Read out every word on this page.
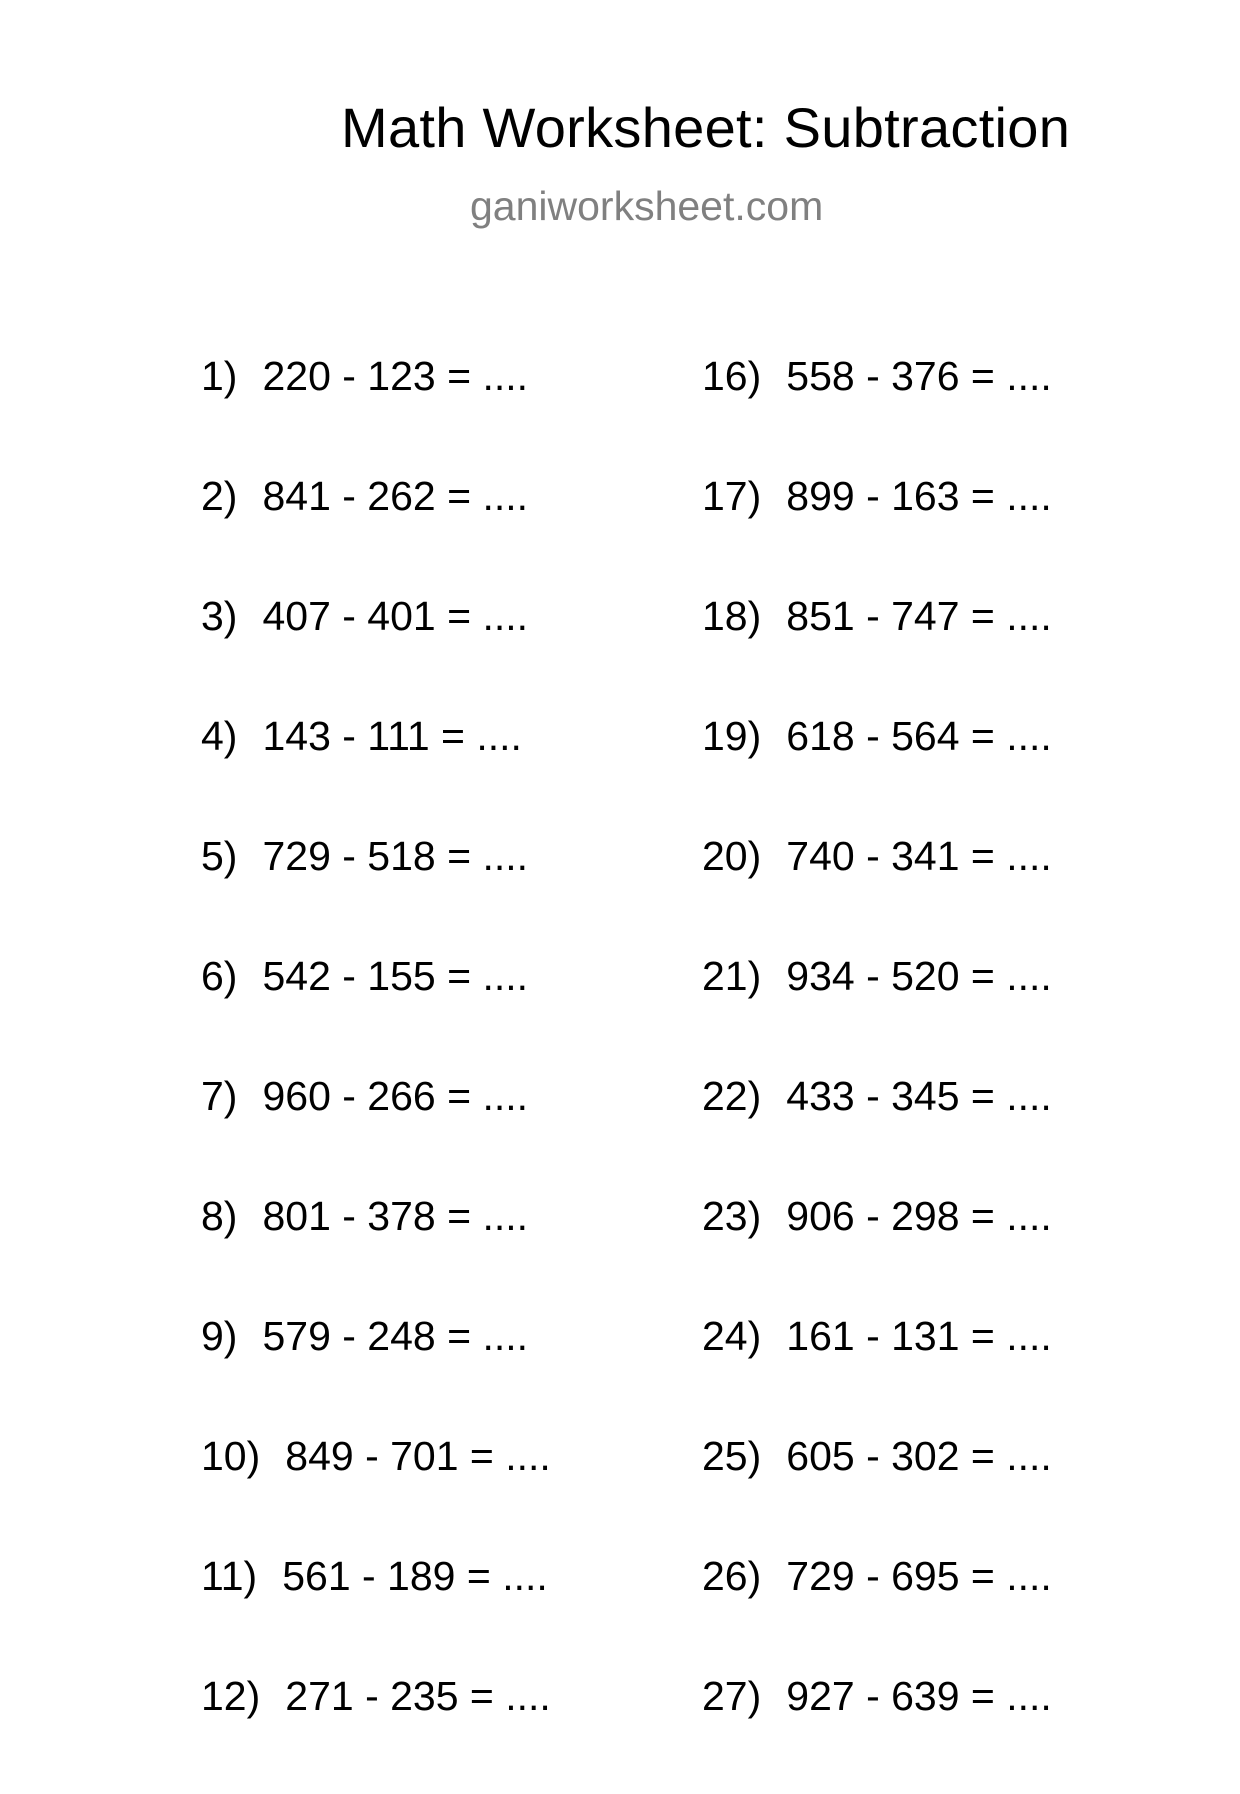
Math Worksheet: Subtraction
ganiworksheet.com
1) 220 - 123 = ....
2) 841 - 262 = ....
3) 407 - 401 = ....
4) 143 - 111 = ....
5) 729 - 518 = ....
6) 542 - 155 = ....
7) 960 - 266 = ....
8) 801 - 378 = ....
9) 579 - 248 = ....
10) 849 - 701 = ....
11) 561 - 189 = ....
12) 271 - 235 = ....
16) 558 - 376 = ....
17) 899 - 163 = ....
18) 851 - 747 = ....
19) 618 - 564 = ....
20) 740 - 341 = ....
21) 934 - 520 = ....
22) 433 - 345 = ....
23) 906 - 298 = ....
24) 161 - 131 = ....
25) 605 - 302 = ....
26) 729 - 695 = ....
27) 927 - 639 = ....
